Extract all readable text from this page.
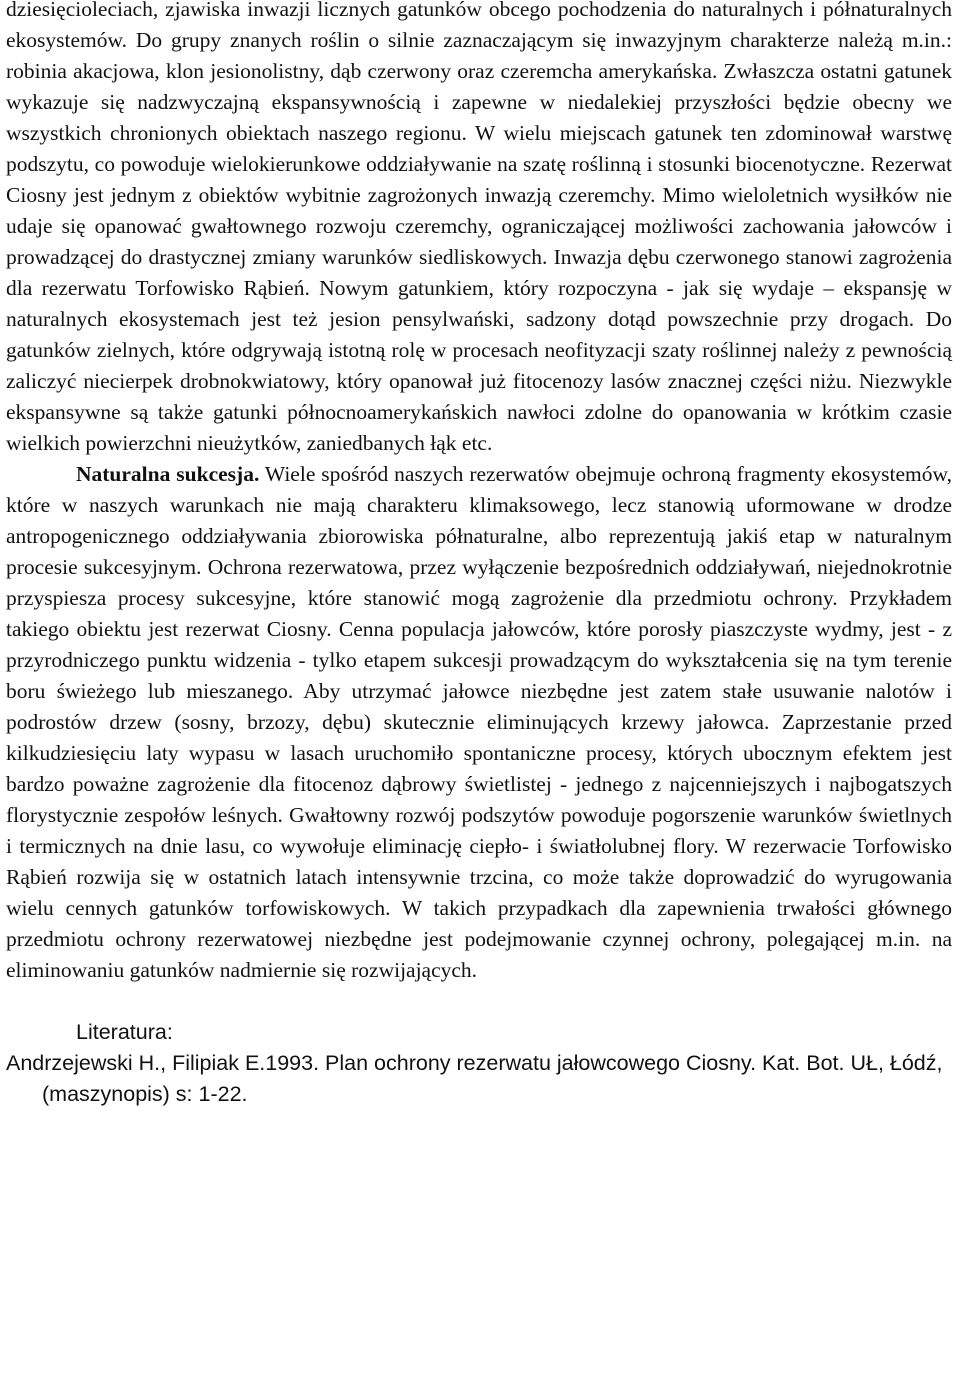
dziesięcioleciach, zjawiska inwazji licznych gatunków obcego pochodzenia do naturalnych i półnaturalnych ekosystemów. Do grupy znanych roślin o silnie zaznaczającym się inwazyjnym charakterze należą m.in.: robinia akacjowa, klon jesionolistny, dąb czerwony oraz czeremcha amerykańska. Zwłaszcza ostatni gatunek wykazuje się nadzwyczajną ekspansywnością i zapewne w niedalekiej przyszłości będzie obecny we wszystkich chronionych obiektach naszego regionu. W wielu miejscach gatunek ten zdominował warstwę podszytu, co powoduje wielokierunkowe oddziaływanie na szatę roślinną i stosunki biocenotyczne. Rezerwat Ciosny jest jednym z obiektów wybitnie zagrożonych inwazją czeremchy. Mimo wieloletnich wysiłków nie udaje się opanować gwałtownego rozwoju czeremchy, ograniczającej możliwości zachowania jałowców i prowadzącej do drastycznej zmiany warunków siedliskowych. Inwazja dębu czerwonego stanowi zagrożenia dla rezerwatu Torfowisko Rąbień. Nowym gatunkiem, który rozpoczyna - jak się wydaje – ekspansję w naturalnych ekosystemach jest też jesion pensylwański, sadzony dotąd powszechnie przy drogach. Do gatunków zielnych, które odgrywają istotną rolę w procesach neofityzacji szaty roślinnej należy z pewnością zaliczyć niecierpek drobnokwiatowy, który opanował już fitocenozy lasów znacznej części niżu. Niezwykle ekspansywne są także gatunki północnoamerykańskich nawłoci zdolne do opanowania w krótkim czasie wielkich powierzchni nieużytków, zaniedbanych łąk etc.

Naturalna sukcesja. Wiele spośród naszych rezerwatów obejmuje ochroną fragmenty ekosystemów, które w naszych warunkach nie mają charakteru klimaksowego, lecz stanowią uformowane w drodze antropogenicznego oddziaływania zbiorowiska półnaturalne, albo reprezentują jakiś etap w naturalnym procesie sukcesyjnym. Ochrona rezerwatowa, przez wyłączenie bezpośrednich oddziaływań, niejednokrotnie przyspiesza procesy sukcesyjne, które stanowić mogą zagrożenie dla przedmiotu ochrony. Przykładem takiego obiektu jest rezerwat Ciosny. Cenna populacja jałowców, które porosły piaszczyste wydmy, jest - z przyrodniczego punktu widzenia - tylko etapem sukcesji prowadzącym do wykształcenia się na tym terenie boru świeżego lub mieszanego. Aby utrzymać jałowce niezbędne jest zatem stałe usuwanie nalotów i podrostów drzew (sosny, brzozy, dębu) skutecznie eliminujących krzewy jałowca. Zaprzestanie przed kilkudziesięciu laty wypasu w lasach uruchomiło spontaniczne procesy, których ubocznym efektem jest bardzo poważne zagrożenie dla fitocenoz dąbrowy świetlistej - jednego z najcenniejszych i najbogatszych florystycznie zespołów leśnych. Gwałtowny rozwój podszytów powoduje pogorszenie warunków świetlnych i termicznych na dnie lasu, co wywołuje eliminację ciepło- i światłolubnej flory. W rezerwacie Torfowisko Rąbień rozwija się w ostatnich latach intensywnie trzcina, co może także doprowadzić do wyrugowania wielu cennych gatunków torfowiskowych. W takich przypadkach dla zapewnienia trwałości głównego przedmiotu ochrony rezerwatowej niezbędne jest podejmowanie czynnej ochrony, polegającej m.in. na eliminowaniu gatunków nadmiernie się rozwijających.

Literatura:

Andrzejewski H., Filipiak E.1993. Plan ochrony rezerwatu jałowcowego Ciosny. Kat. Bot. UŁ, Łódź, (maszynopis) s: 1-22.
